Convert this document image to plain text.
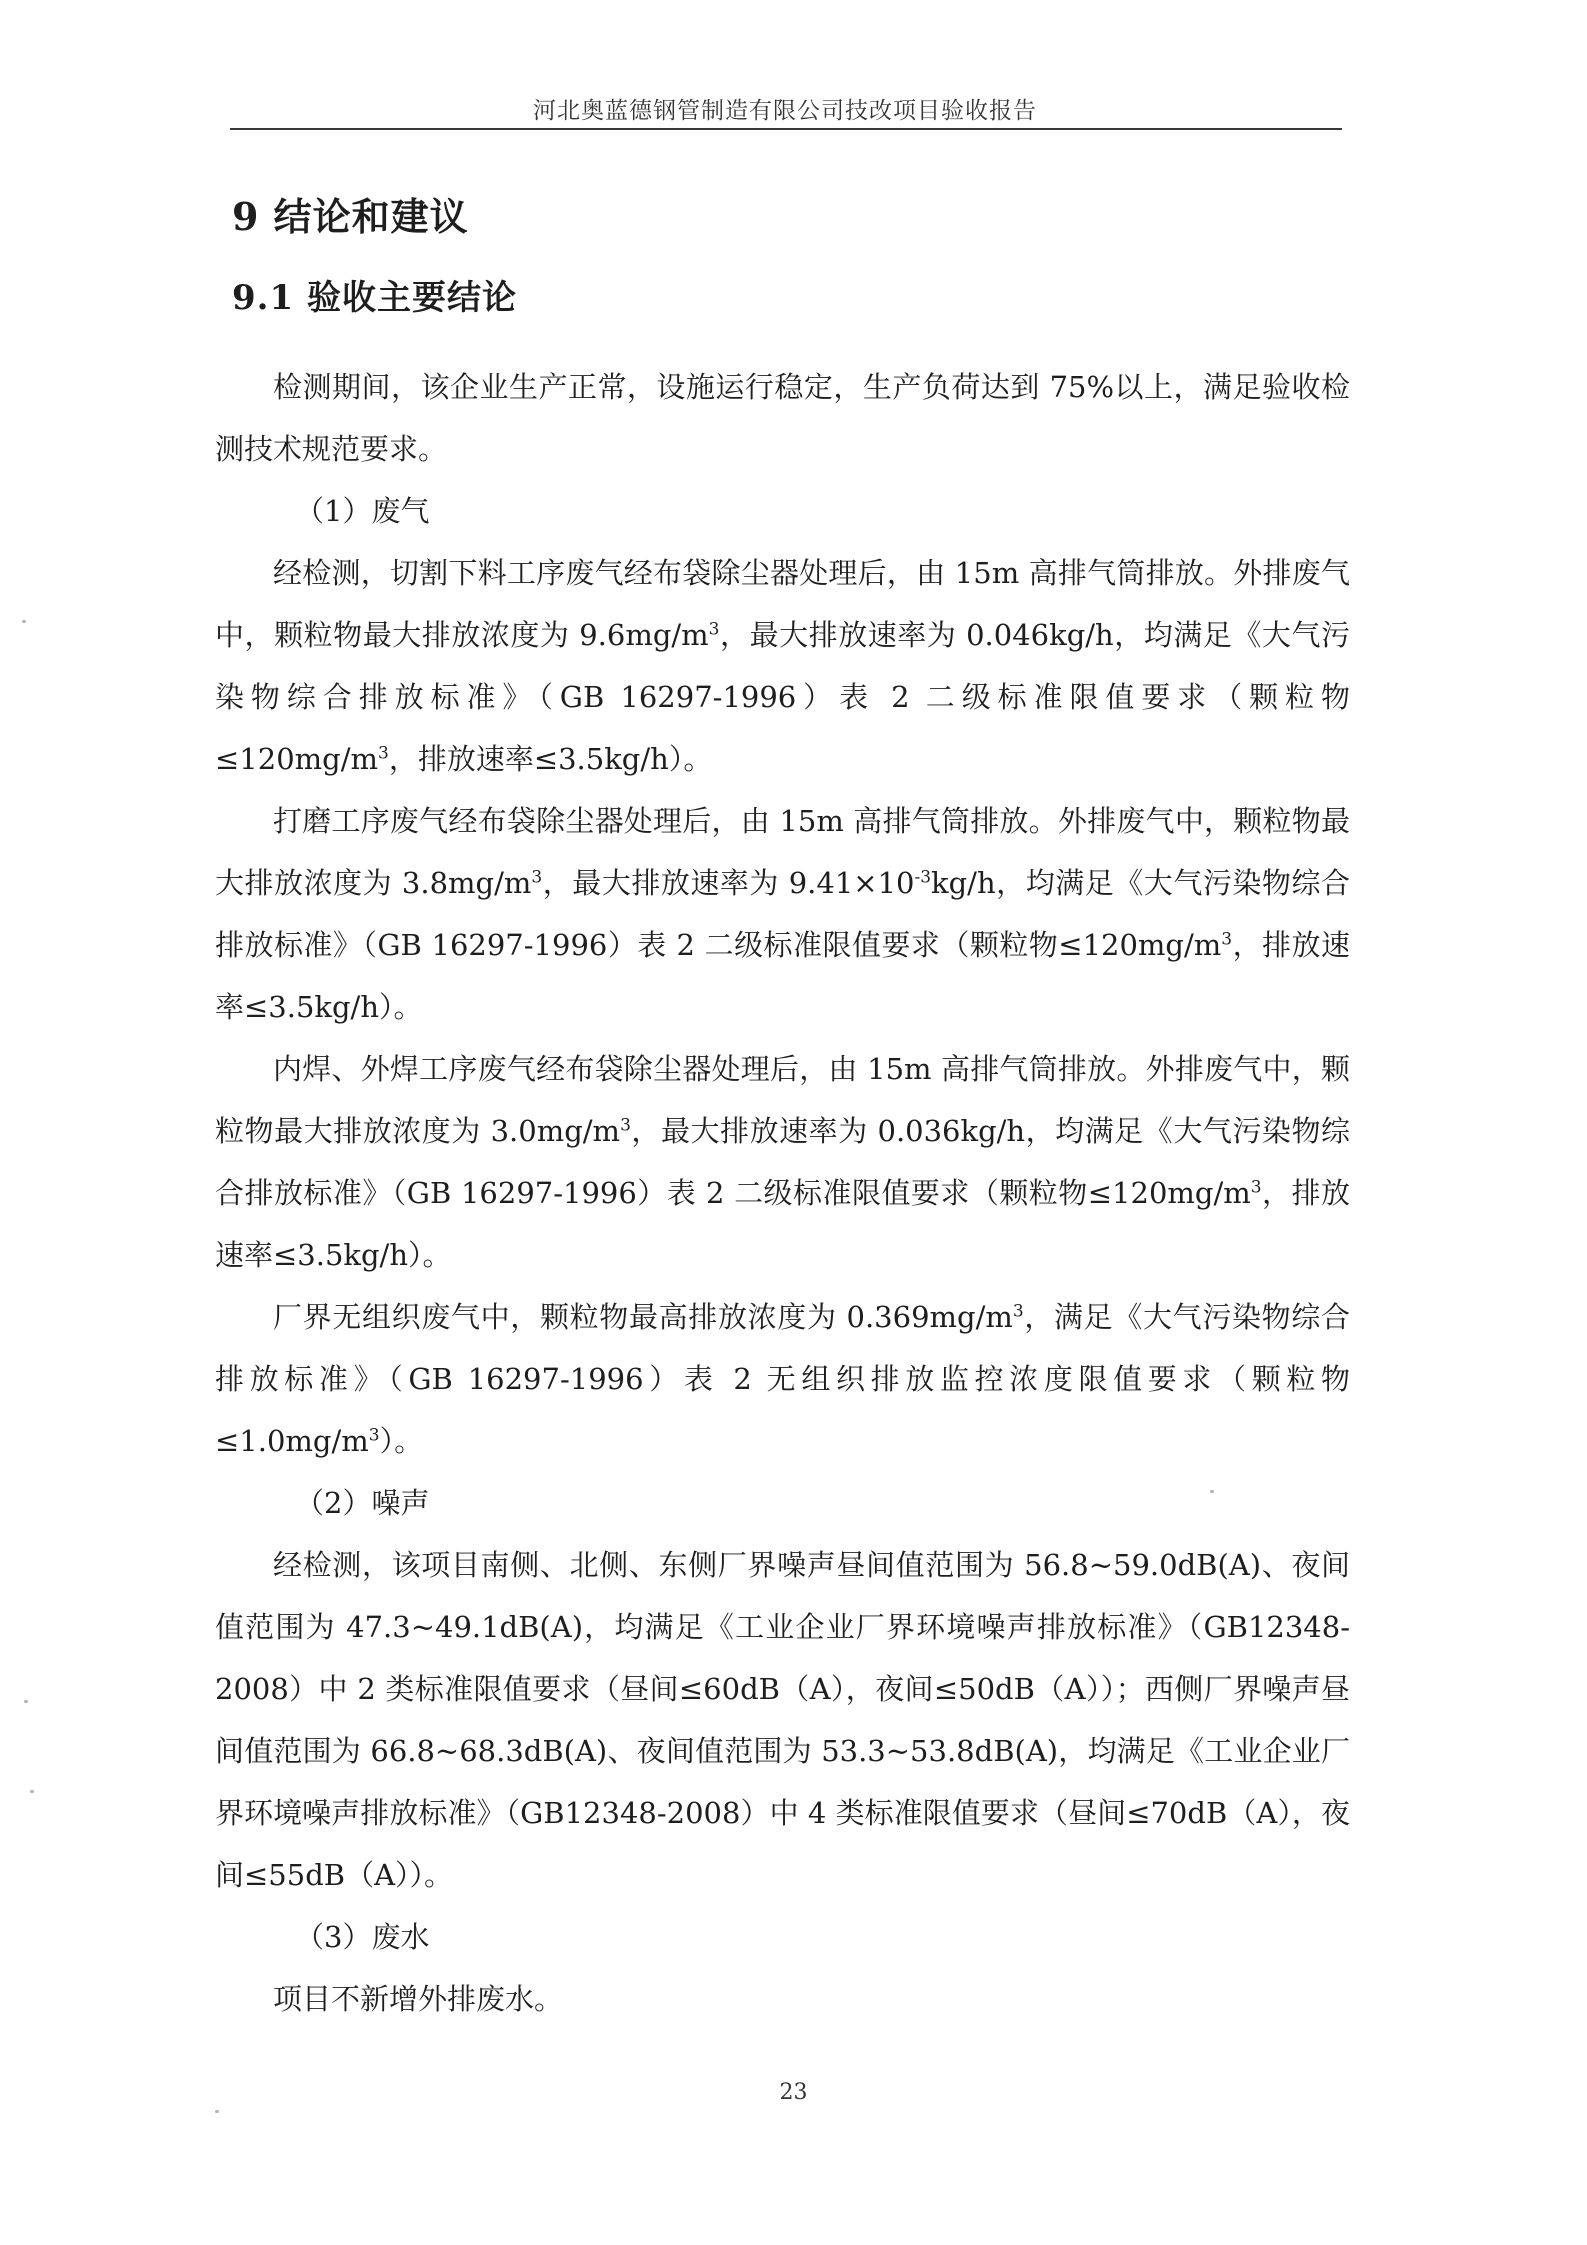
河北奥蓝德钢管制造有限公司技改项目验收报告
9 结论和建议
9.1 验收主要结论

检测期间，该企业生产正常，设施运行稳定，生产负荷达到 75%以上，满足验收检测技术规范要求。

（1）废气

经检测，切割下料工序废气经布袋除尘器处理后，由 15m 高排气筒排放。外排废气中，颗粒物最大排放浓度为 $9.6mg/m^3$，最大排放速率为 0.046kg/h，均满足《大气污染物综合排放标准》（GB 16297-1996）表 2 二级标准限值要求（颗粒物$\le 120mg/m^3$，排放速率≤3.5kg/h）。

打磨工序废气经布袋除尘器处理后，由 15m 高排气筒排放。外排废气中，颗粒物最大排放浓度为 $3.8mg/m^3$，最大排放速率为 $9.41\times 10^{-3}kg/h$，均满足《大气污染物综合排放标准》（GB 16297-1996）表 2 二级标准限值要求（颗粒物$\le 120mg/m^3$，排放速率≤3.5kg/h）。

内焊、外焊工序废气经布袋除尘器处理后，由 15m 高排气筒排放。外排废气中，颗粒物最大排放浓度为 $3.0mg/m^3$，最大排放速率为 0.036kg/h，均满足《大气污染物综合排放标准》（GB 16297-1996）表 2 二级标准限值要求（颗粒物$\le 120mg/m^3$，排放速率≤3.5kg/h）。

厂界无组织废气中，颗粒物最高排放浓度为 $0.369mg/m^3$，满足《大气污染物综合排放标准》（GB 16297-1996）表 2 无组织排放监控浓度限值要求（颗粒物$\le 1.0mg/m^3$）。

（2）噪声

经检测，该项目南侧、北侧、东侧厂界噪声昼间值范围为 56.8~59.0dB(A)、夜间值范围为 47.3~49.1dB(A)，均满足《工业企业厂界环境噪声排放标准》（GB12348-2008）中 2 类标准限值要求（昼间≤60dB（A），夜间≤50dB（A））；西侧厂界噪声昼间值范围为 66.8~68.3dB(A)、夜间值范围为 53.3~53.8dB(A)，均满足《工业企业厂界环境噪声排放标准》（GB12348-2008）中 4 类标准限值要求（昼间≤70dB（A），夜间≤55dB（A））。

（3）废水

项目不新增外排废水。

23
